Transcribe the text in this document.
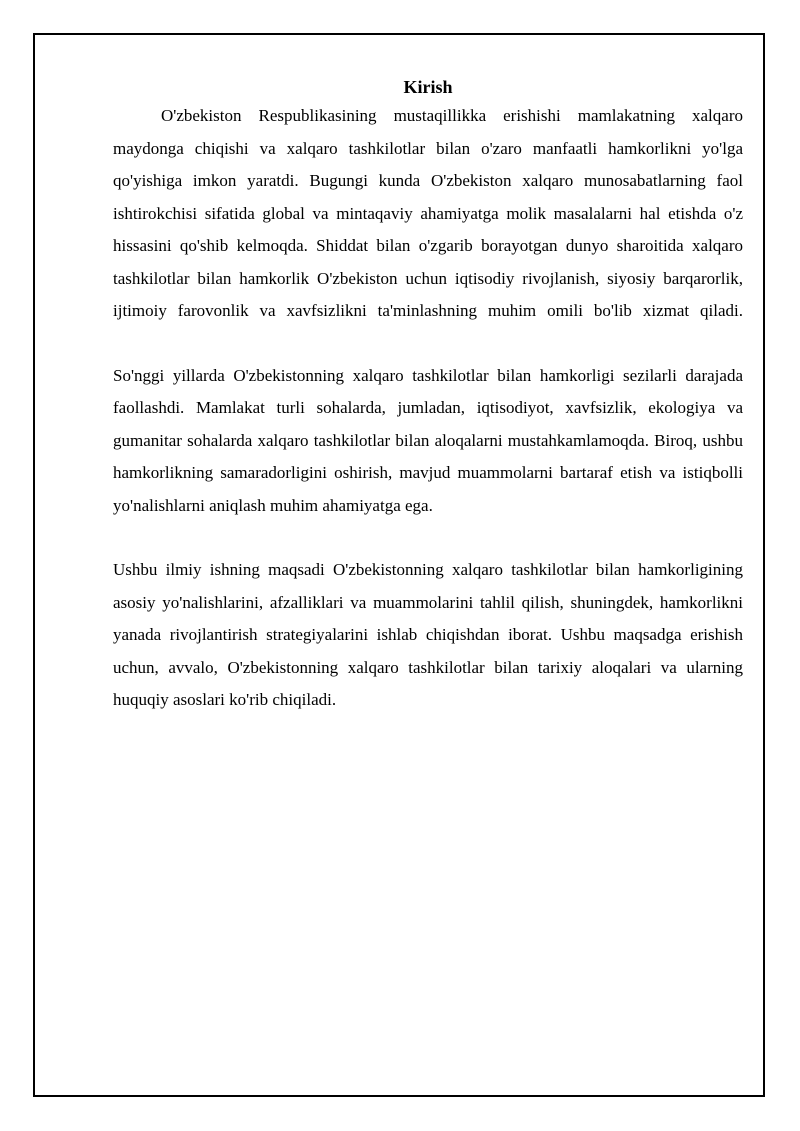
Kirish

O'zbekiston Respublikasining mustaqillikka erishishi mamlakatning xalqaro maydonga chiqishi va xalqaro tashkilotlar bilan o'zaro manfaatli hamkorlikni yo'lga qo'yishiga imkon yaratdi. Bugungi kunda O'zbekiston xalqaro munosabatlarning faol ishtirokchisi sifatida global va mintaqaviy ahamiyatga molik masalalarni hal etishda o'z hissasini qo'shib kelmoqda. Shiddat bilan o'zgarib borayotgan dunyo sharoitida xalqaro tashkilotlar bilan hamkorlik O'zbekiston uchun iqtisodiy rivojlanish, siyosiy barqarorlik, ijtimoiy farovonlik va xavfsizlikni ta'minlashning muhim omili bo'lib xizmat qiladi.

So'nggi yillarda O'zbekistonning xalqaro tashkilotlar bilan hamkorligi sezilarli darajada faollashdi. Mamlakat turli sohalarda, jumladan, iqtisodiyot, xavfsizlik, ekologiya va gumanitar sohalarda xalqaro tashkilotlar bilan aloqalarni mustahkamlamoqda. Biroq, ushbu hamkorlikning samaradorligini oshirish, mavjud muammolarni bartaraf etish va istiqbolli yo'nalishlarni aniqlash muhim ahamiyatga ega.

Ushbu ilmiy ishning maqsadi O'zbekistonning xalqaro tashkilotlar bilan hamkorligining asosiy yo'nalishlarini, afzalliklari va muammolarini tahlil qilish, shuningdek, hamkorlikni yanada rivojlantirish strategiyalarini ishlab chiqishdan iborat. Ushbu maqsadga erishish uchun, avvalo, O'zbekistonning xalqaro tashkilotlar bilan tarixiy aloqalari va ularning huquqiy asoslari ko'rib chiqiladi.
